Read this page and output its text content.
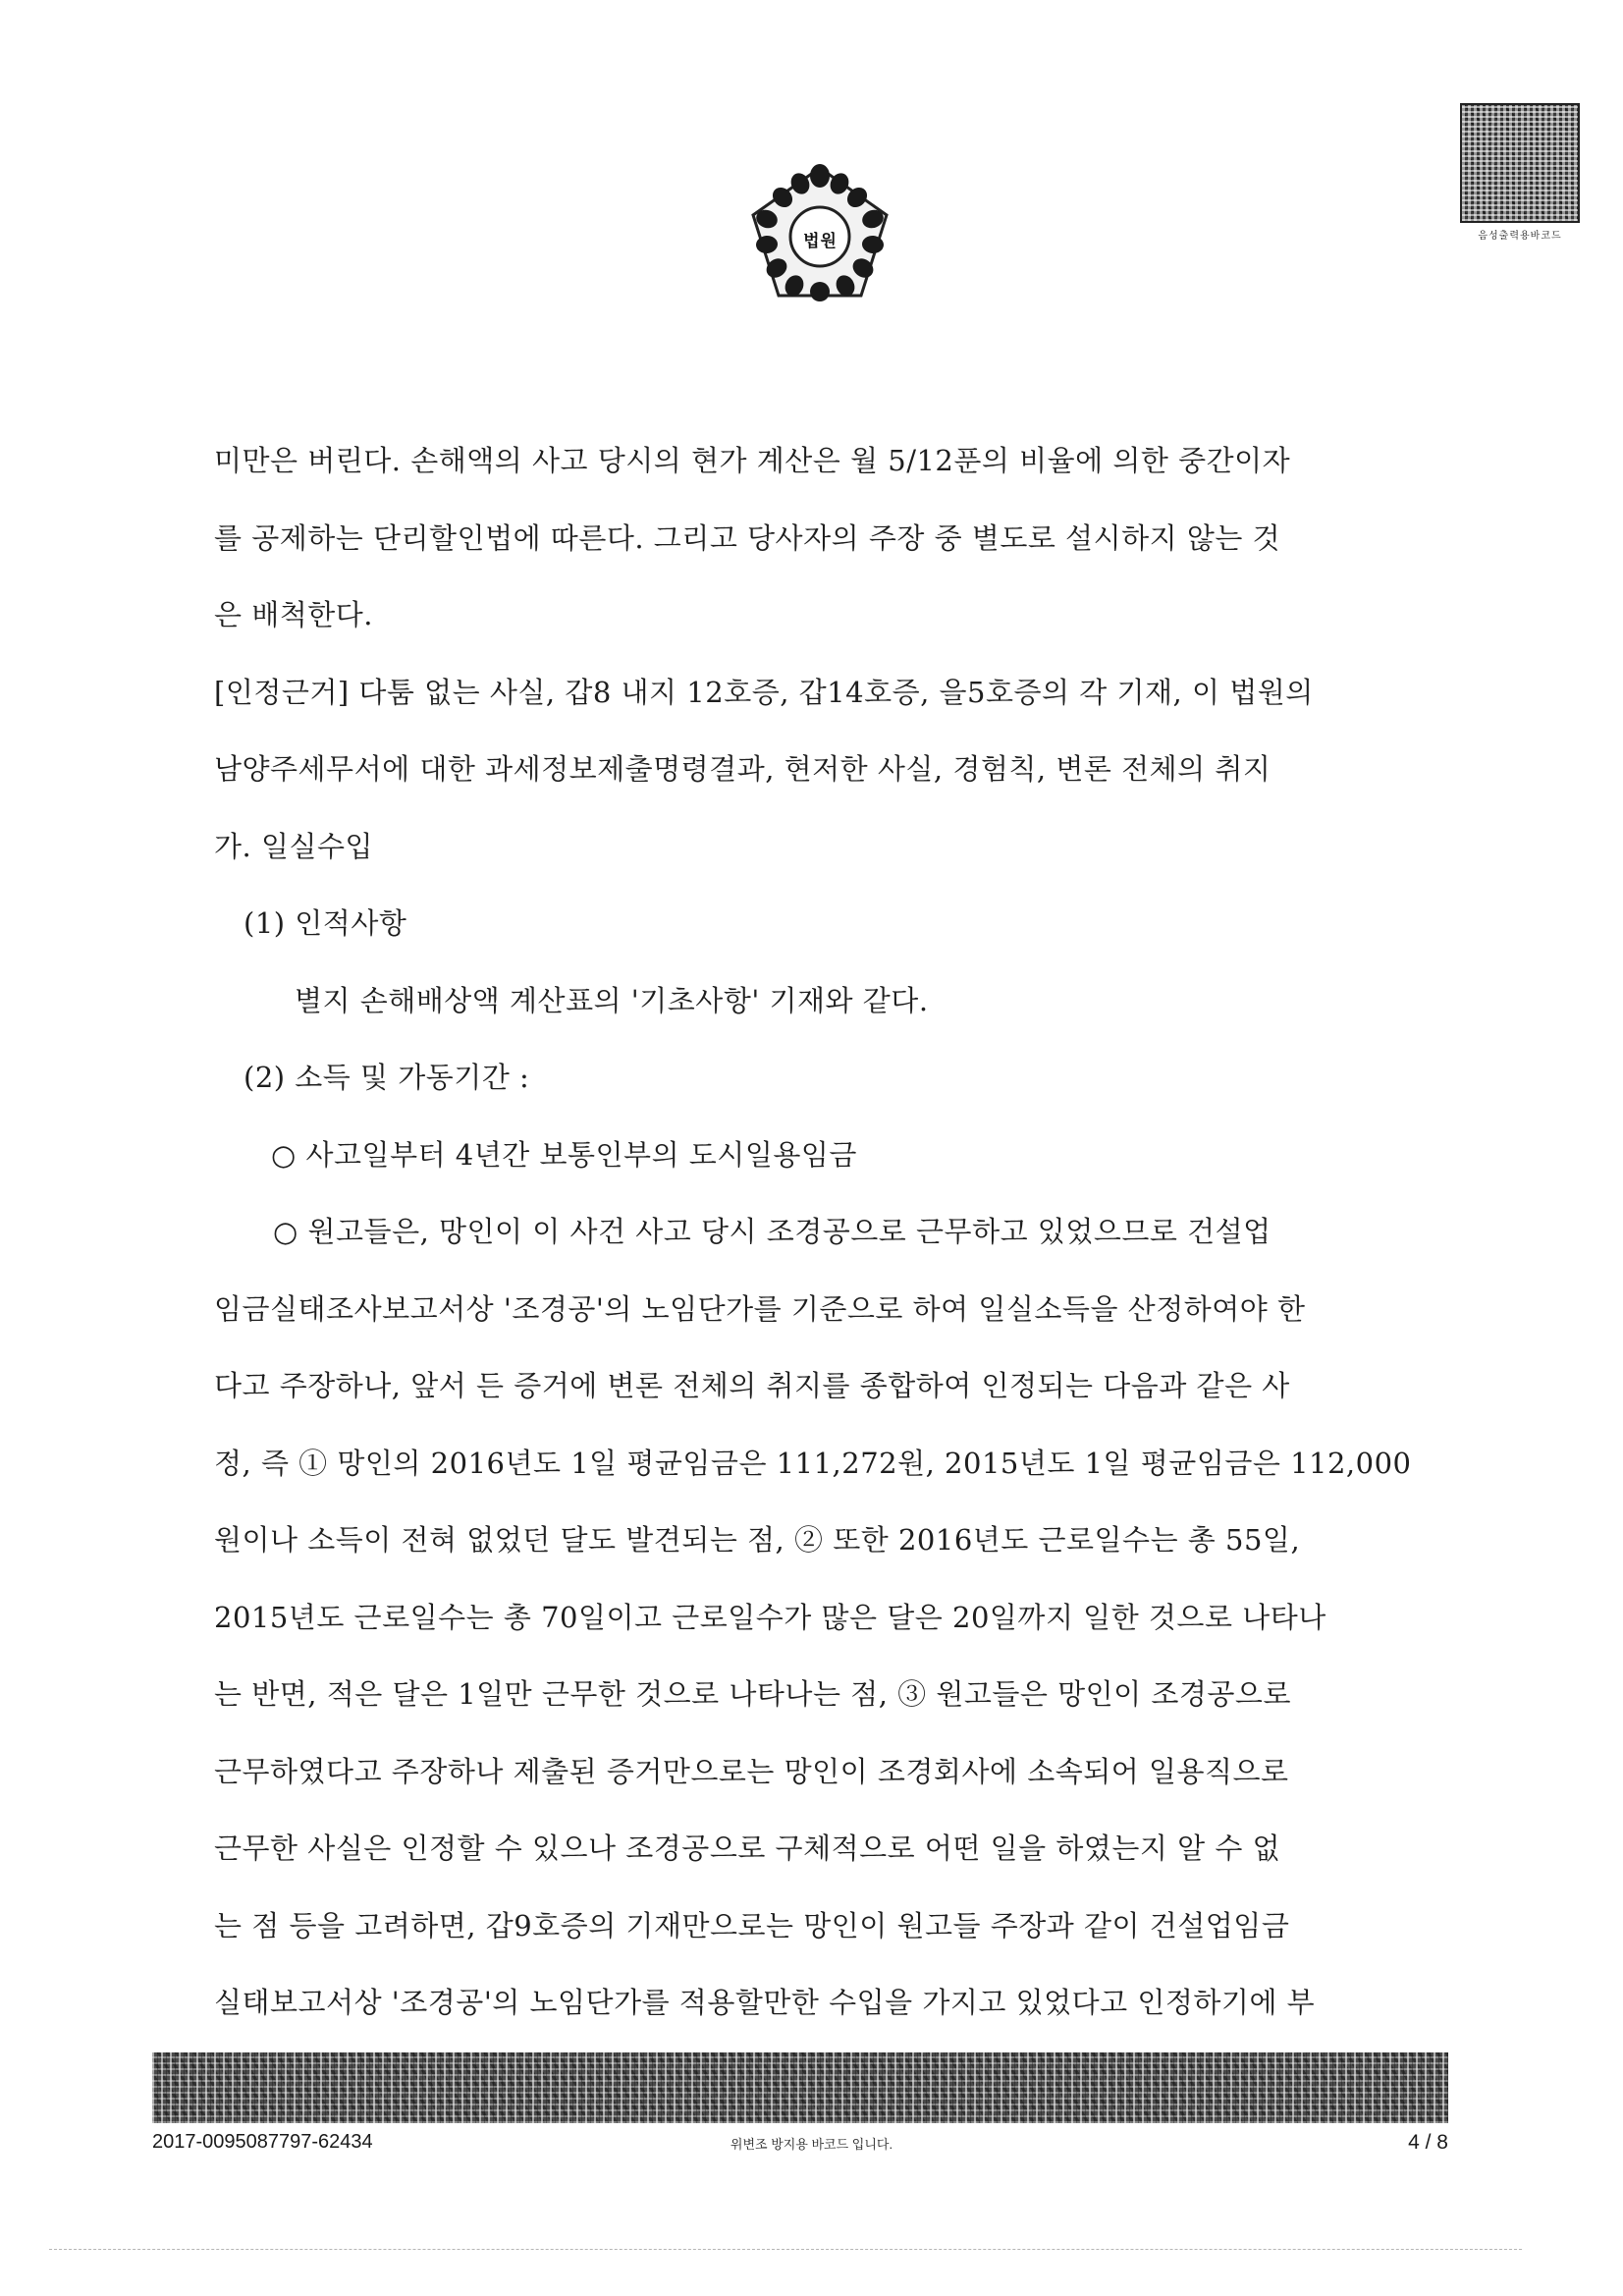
법원	음성출력용바코드
미만은 버린다. 손해액의 사고 당시의 현가 계산은 월 5/12푼의 비율에 의한 중간이자
를 공제하는 단리할인법에 따른다. 그리고 당사자의 주장 중 별도로 설시하지 않는 것
은 배척한다.
[인정근거] 다툼 없는 사실, 갑8 내지 12호증, 갑14호증, 을5호증의 각 기재, 이 법원의
남양주세무서에 대한 과세정보제출명령결과, 현저한 사실, 경험칙, 변론 전체의 취지
가. 일실수입
(1) 인적사항
별지 손해배상액 계산표의 '기초사항' 기재와 같다.
(2) 소득 및 가동기간 :
○ 사고일부터 4년간 보통인부의 도시일용임금
○ 원고들은, 망인이 이 사건 사고 당시 조경공으로 근무하고 있었으므로 건설업
임금실태조사보고서상 '조경공'의 노임단가를 기준으로 하여 일실소득을 산정하여야 한
다고 주장하나, 앞서 든 증거에 변론 전체의 취지를 종합하여 인정되는 다음과 같은 사
정, 즉 ① 망인의 2016년도 1일 평균임금은 111,272원, 2015년도 1일 평균임금은 112,000
원이나 소득이 전혀 없었던 달도 발견되는 점, ② 또한 2016년도 근로일수는 총 55일,
2015년도 근로일수는 총 70일이고 근로일수가 많은 달은 20일까지 일한 것으로 나타나
는 반면, 적은 달은 1일만 근무한 것으로 나타나는 점, ③ 원고들은 망인이 조경공으로
근무하였다고 주장하나 제출된 증거만으로는 망인이 조경회사에 소속되어 일용직으로
근무한 사실은 인정할 수 있으나 조경공으로 구체적으로 어떤 일을 하였는지 알 수 없
는 점 등을 고려하면, 갑9호증의 기재만으로는 망인이 원고들 주장과 같이 건설업임금
실태보고서상 '조경공'의 노임단가를 적용할만한 수입을 가지고 있었다고 인정하기에 부
2017-0095087797-62434	위변조 방지용 바코드 입니다.	4 / 8
